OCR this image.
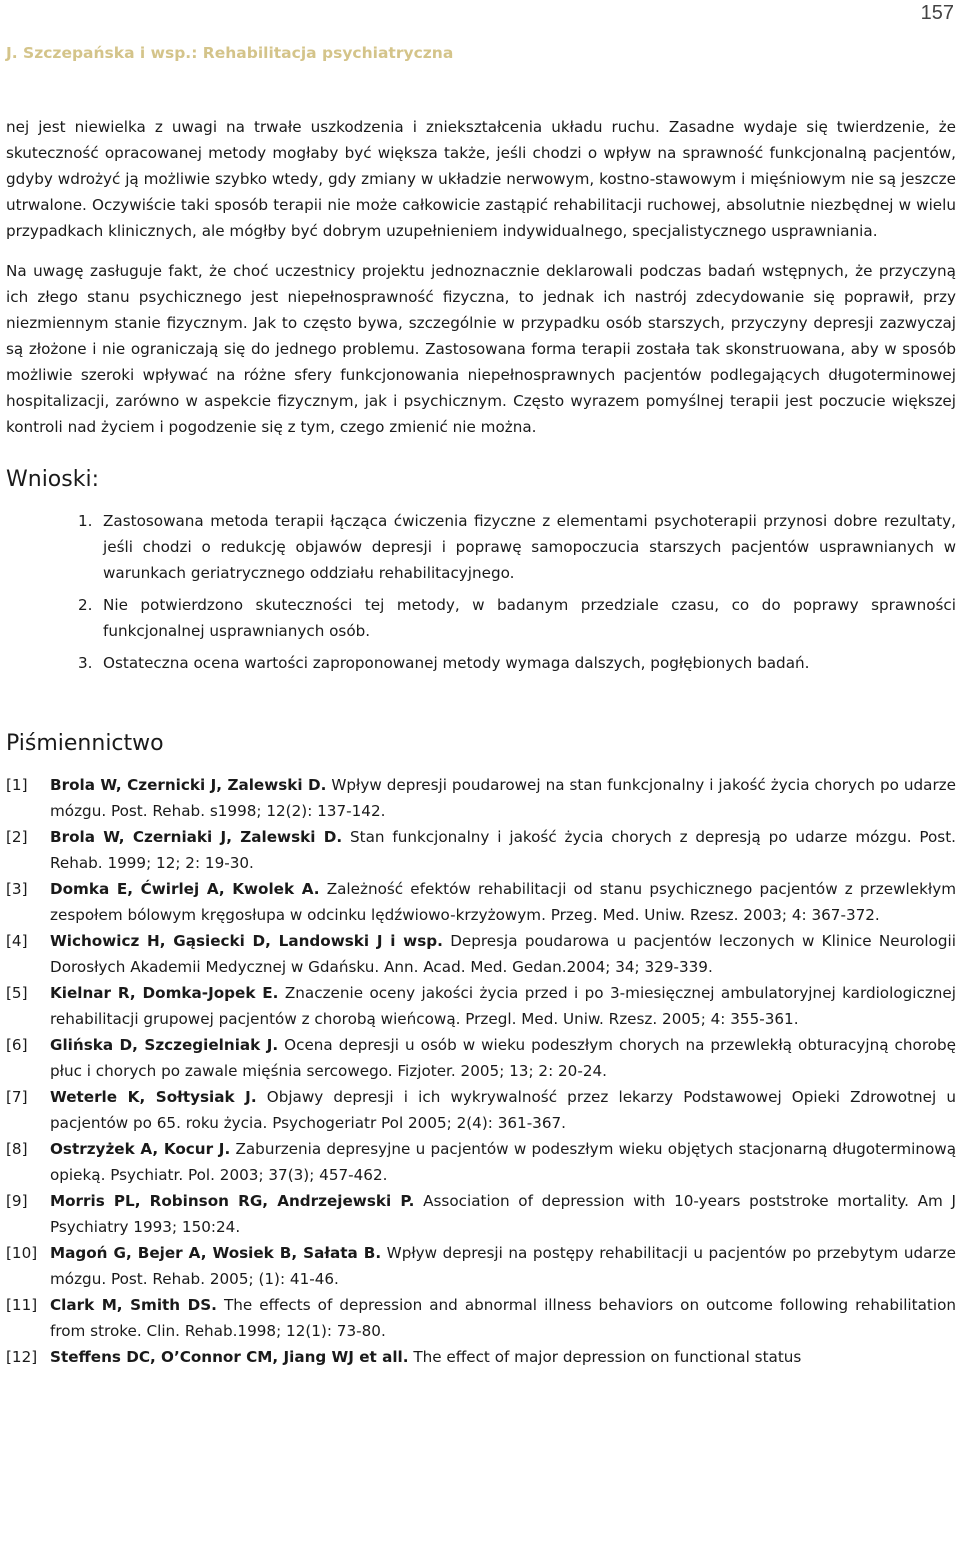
157
J. Szczepańska i wsp.: Rehabilitacja psychiatryczna

nej jest niewielka z uwagi na trwałe uszkodzenia i zniekształcenia układu ruchu. Zasadne wydaje się twierdzenie, że skuteczność opracowanej metody mogłaby być większa także, jeśli chodzi o wpływ na sprawność funkcjonalną pacjentów, gdyby wdrożyć ją możliwie szybko wtedy, gdy zmiany w układzie nerwowym, kostno-stawowym i mięśniowym nie są jeszcze utrwalone. Oczywiście taki sposób terapii nie może całkowicie zastąpić rehabilitacji ruchowej, absolutnie niezbędnej w wielu przypadkach klinicznych, ale mógłby być dobrym uzupełnieniem indywidualnego, specjalistycznego usprawniania.

Na uwagę zasługuje fakt, że choć uczestnicy projektu jednoznacznie deklarowali podczas badań wstępnych, że przyczyną ich złego stanu psychicznego jest niepełnosprawność fizyczna, to jednak ich nastrój zdecydowanie się poprawił, przy niezmiennym stanie fizycznym. Jak to często bywa, szczególnie w przypadku osób starszych, przyczyny depresji zazwyczaj są złożone i nie ograniczają się do jednego problemu. Zastosowana forma terapii została tak skonstruowana, aby w sposób możliwie szeroki wpływać na różne sfery funkcjonowania niepełnosprawnych pacjentów podlegających długoterminowej hospitalizacji, zarówno w aspekcie fizycznym, jak i psychicznym. Często wyrazem pomyślnej terapii jest poczucie większej kontroli nad życiem i pogodzenie się z tym, czego zmienić nie można.

Wnioski:
1. Zastosowana metoda terapii łącząca ćwiczenia fizyczne z elementami psychoterapii przynosi dobre rezultaty, jeśli chodzi o redukcję objawów depresji i poprawę samopoczucia starszych pacjentów usprawnianych w warunkach geriatrycznego oddziału rehabilitacyjnego.
2. Nie potwierdzono skuteczności tej metody, w badanym przedziale czasu, co do poprawy sprawności funkcjonalnej usprawnianych osób.
3. Ostateczna ocena wartości zaproponowanej metody wymaga dalszych, pogłębionych badań.
Piśmiennictwo
[1] Brola W, Czernicki J, Zalewski D. Wpływ depresji poudarowej na stan funkcjonalny i jakość życia chorych po udarze mózgu. Post. Rehab. s1998; 12(2): 137-142.
[2] Brola W, Czerniaki J, Zalewski D. Stan funkcjonalny i jakość życia chorych z depresją po udarze mózgu. Post. Rehab. 1999; 12; 2: 19-30.
[3] Domka E, Ćwirlej A, Kwolek A. Zależność efektów rehabilitacji od stanu psychicznego pacjentów z przewlekłym zespołem bólowym kręgosłupa w odcinku lędźwiowo-krzyżowym. Przeg. Med. Uniw. Rzesz. 2003; 4: 367-372.
[4] Wichowicz H, Gąsiecki D, Landowski J i wsp. Depresja poudarowa u pacjentów leczonych w Klinice Neurologii Dorosłych Akademii Medycznej w Gdańsku. Ann. Acad. Med. Gedan.2004; 34; 329-339.
[5] Kielnar R, Domka-Jopek E. Znaczenie oceny jakości życia przed i po 3-miesięcznej ambulatoryjnej kardiologicznej rehabilitacji grupowej pacjentów z chorobą wieńcową. Przegl. Med. Uniw. Rzesz. 2005; 4: 355-361.
[6] Glińska D, Szczegielniak J. Ocena depresji u osób w wieku podeszłym chorych na przewlekłą obturacyjną chorobę płuc i chorych po zawale mięśnia sercowego. Fizjoter. 2005; 13; 2: 20-24.
[7] Weterle K, Sołtysiak J. Objawy depresji i ich wykrywalność przez lekarzy Podstawowej Opieki Zdrowotnej u pacjentów po 65. roku życia. Psychogeriatr Pol 2005; 2(4): 361-367.
[8] Ostrzyżek A, Kocur J. Zaburzenia depresyjne u pacjentów w podeszłym wieku objętych stacjonarną długoterminową opieką. Psychiatr. Pol. 2003; 37(3); 457-462.
[9] Morris PL, Robinson RG, Andrzejewski P. Association of depression with 10-years poststroke mortality. Am J Psychiatry 1993; 150:24.
[10] Magoń G, Bejer A, Wosiek B, Sałata B. Wpływ depresji na postępy rehabilitacji u pacjentów po przebytym udarze mózgu. Post. Rehab. 2005; (1): 41-46.
[11] Clark M, Smith DS. The effects of depression and abnormal illness behaviors on outcome following rehabilitation from stroke. Clin. Rehab.1998; 12(1): 73-80.
[12] Steffens DC, O’Connor CM, Jiang WJ et all. The effect of major depression on functional status
